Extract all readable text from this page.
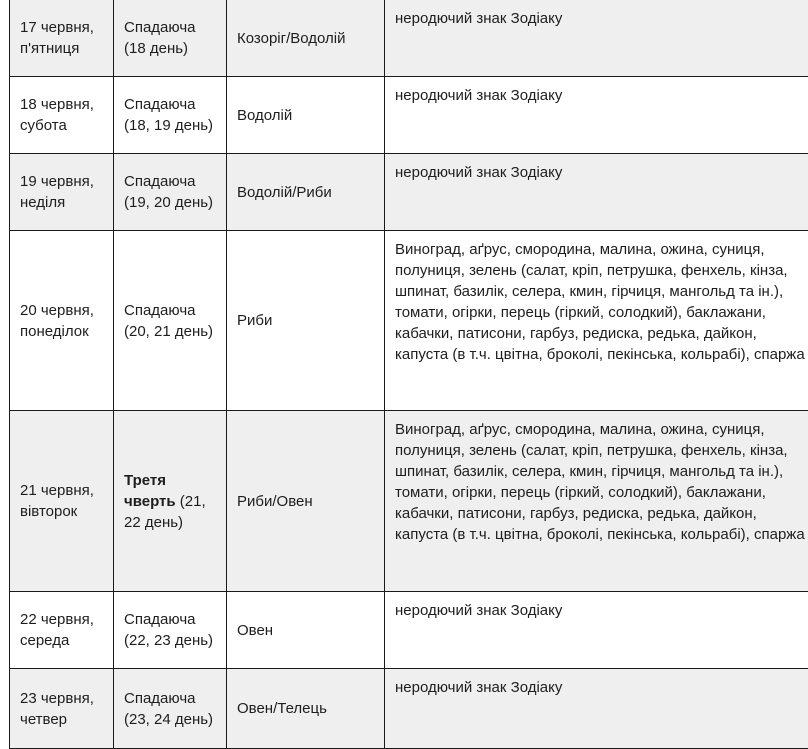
17 червня, п'ятниця	Спадаюча (18 день)	Козоріг/Водолій	неродючий знак Зодіаку
18 червня, субота	Спадаюча (18, 19 день)	Водолій	неродючий знак Зодіаку
19 червня, неділя	Спадаюча (19, 20 день)	Водолій/Риби	неродючий знак Зодіаку
20 червня, понеділок	Спадаюча (20, 21 день)	Риби	Виноград, аґрус, смородина, малина, ожина, суниця, полуниця, зелень (салат, кріп, петрушка, фенхель, кінза, шпинат, базилік, селера, кмин, гірчиця, мангольд та ін.), томати, огірки, перець (гіркий, солодкий), баклажани, кабачки, патисони, гарбуз, редиска, редька, дайкон, капуста (в т.ч. цвітна, броколі, пекінська, кольрабі), спаржа
21 червня, вівторок	Третя чверть (21, 22 день)	Риби/Овен	Виноград, аґрус, смородина, малина, ожина, суниця, полуниця, зелень (салат, кріп, петрушка, фенхель, кінза, шпинат, базилік, селера, кмин, гірчиця, мангольд та ін.), томати, огірки, перець (гіркий, солодкий), баклажани, кабачки, патисони, гарбуз, редиска, редька, дайкон, капуста (в т.ч. цвітна, броколі, пекінська, кольрабі), спаржа
22 червня, середа	Спадаюча (22, 23 день)	Овен	неродючий знак Зодіаку
23 червня, четвер	Спадаюча (23, 24 день)	Овен/Телець	неродючий знак Зодіаку
